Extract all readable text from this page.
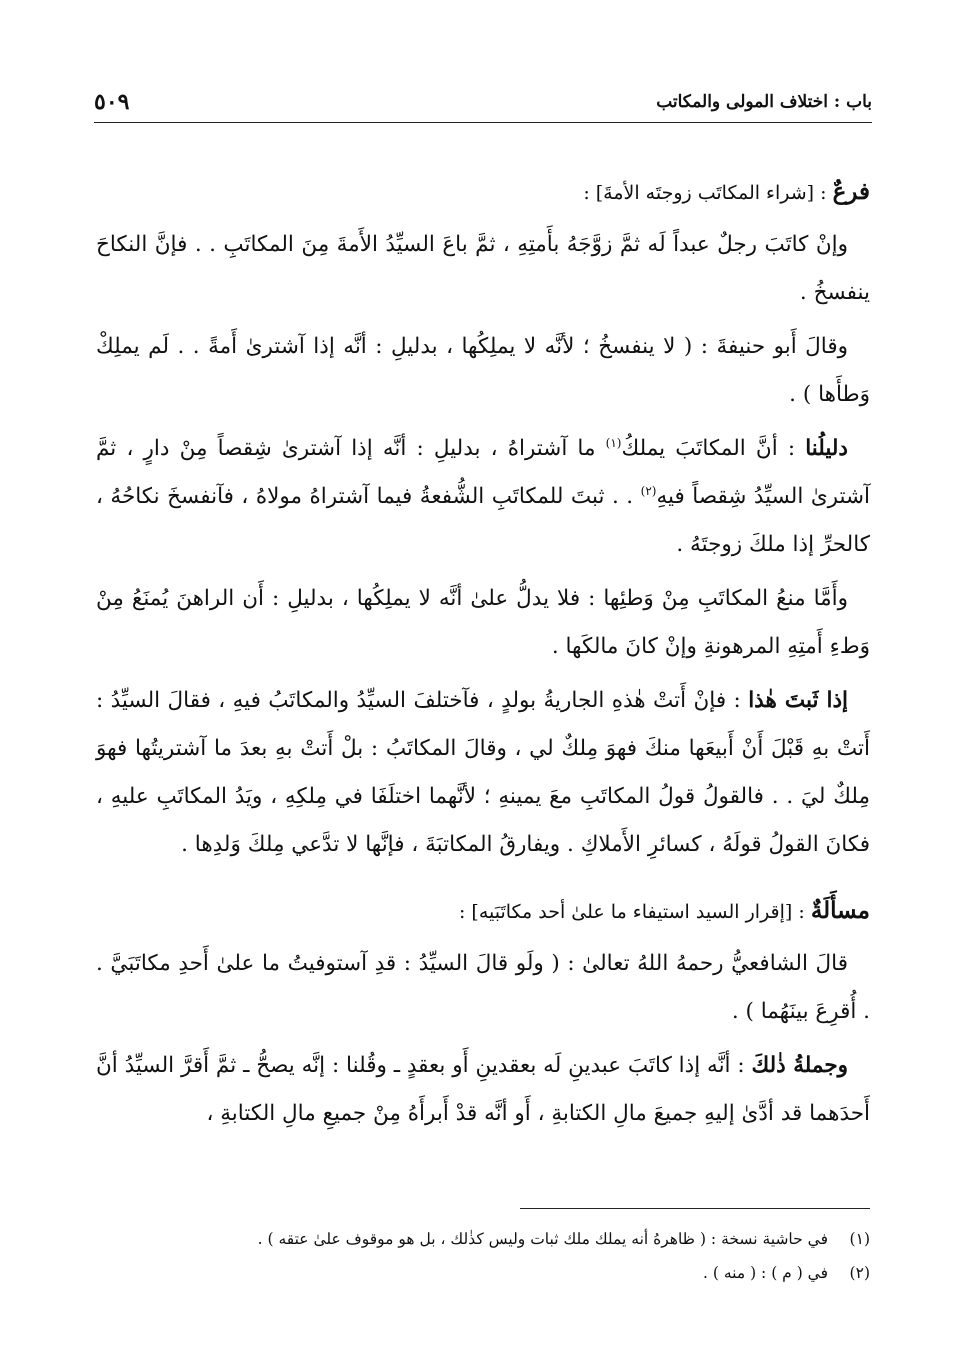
باب : اختلاف المولى والمكاتب
٥٠٩

فرعٌ : [شراء المكاتَب زوجتَه الأمةَ] :

وإنْ كاتَبَ رجلٌ عبداً لَه ثمَّ زوَّجَهُ بأَمتِهِ ، ثمَّ باعَ السيِّدُ الأَمةَ مِنَ المكاتَبِ . . فإنَّ النكاحَ ينفسخُ .

وقالَ أَبو حنيفةَ : ( لا ينفسخُ ؛ لأنَّه لا يملِكُها ، بدليلِ : أنَّه إذا آشترىٰ أَمةً . . لَم يملِكْ وَطأَها ) .

دليلُنا : أنَّ المكاتَبَ يملكُ$^{(١)}$ ما آشتراهُ ، بدليلِ : أنَّه إذا آشترىٰ شِقصاً مِنْ دارٍ ، ثمَّ آشترىٰ السيِّدُ شِقصاً فيهِ$^{(٢)}$ . . ثبتَ للمكاتَبِ الشُّفعةُ فيما آشتراهُ مولاهُ ، فآنفسخَ نكاحُهُ ، كالحرِّ إذا ملكَ زوجتَهُ .

وأَمَّا منعُ المكاتَبِ مِنْ وَطئِها : فلا يدلُّ علىٰ أنَّه لا يملِكُها ، بدليلِ : أَن الراهنَ يُمنَعُ مِنْ وَطءِ أَمتِهِ المرهونةِ وإنْ كانَ مالكَها .

إذا ثَبتَ هٰذا : فإنْ أَتتْ هٰذهِ الجاريةُ بولدٍ ، فآختلفَ السيِّدُ والمكاتَبُ فيهِ ، فقالَ السيِّدُ : أَتتْ بهِ قَبْلَ أَنْ أَبيعَها منكَ فهوَ مِلكٌ لي ، وقالَ المكاتَبُ : بلْ أَتتْ بهِ بعدَ ما آشتريتُها فهوَ مِلكٌ ليَ . . فالقولُ قولُ المكاتَبِ معَ يمينهِ ؛ لأنَّهما اختلَفَا في مِلكِهِ ، ويَدُ المكاتَبِ عليهِ ، فكانَ القولُ قولَهُ ، كسائرِ الأَملاكِ . ويفارقُ المكاتبَةَ ، فإنَّها لا تدَّعي مِلكَ وَلدِها .

مسأَلَةٌ : [إقرار السيد استيفاء ما علىٰ أحد مكاتَبَيه] :

قالَ الشافعيُّ رحمهُ اللهُ تعالىٰ : ( ولَو قالَ السيِّدُ : قدِ آستوفيتُ ما علىٰ أَحدِ مكاتَبَيَّ . . أُقرِعَ بينَهُما ) .

وجملةُ ذٰلكَ : أنَّه إذا كاتَبَ عبدينِ لَه بعقدينِ أَو بعقدٍ ـ وقُلنا : إنَّه يصحُّ ـ ثمَّ أَقرَّ السيِّدُ أنَّ أَحدَهما قد أدَّىٰ إليهِ جميعَ مالِ الكتابةِ ، أَو أنَّه قدْ أَبرأَهُ مِنْ جميعِ مالِ الكتابةِ ،

(١)
في حاشية نسخة : ( ظاهرهُ أنه يملك ملك ثبات وليس كذٰلك ، بل هو موقوف علىٰ عتقه ) .
(٢)
في ( م ) : ( منه ) .
